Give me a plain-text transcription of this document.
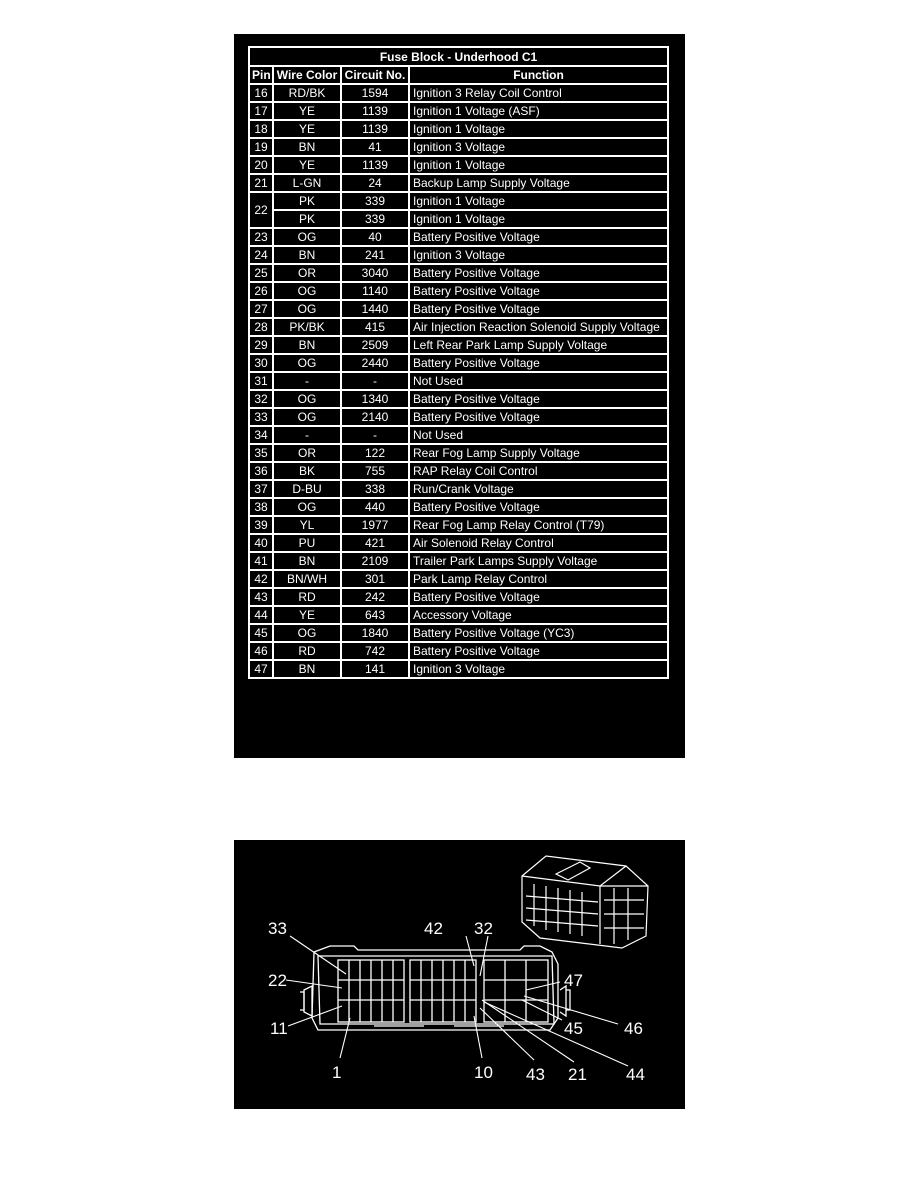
Fuse Block - Underhood C1			
Pin	Wire Color	Circuit No.	Function
16	RD/BK	1594	Ignition 3 Relay Coil Control
17	YE	1139	Ignition 1 Voltage (ASF)
18	YE	1139	Ignition 1 Voltage
19	BN	41	Ignition 3 Voltage
20	YE	1139	Ignition 1 Voltage
21	L-GN	24	Backup Lamp Supply Voltage
22	PK	339	Ignition 1 Voltage
	PK	339	Ignition 1 Voltage
23	OG	40	Battery Positive Voltage
24	BN	241	Ignition 3 Voltage
25	OR	3040	Battery Positive Voltage
26	OG	1140	Battery Positive Voltage
27	OG	1440	Battery Positive Voltage
28	PK/BK	415	Air Injection Reaction Solenoid Supply Voltage
29	BN	2509	Left Rear Park Lamp Supply Voltage
30	OG	2440	Battery Positive Voltage
31	-	-	Not Used
32	OG	1340	Battery Positive Voltage
33	OG	2140	Battery Positive Voltage
34	-	-	Not Used
35	OR	122	Rear Fog Lamp Supply Voltage
36	BK	755	RAP Relay Coil Control
37	D-BU	338	Run/Crank Voltage
38	OG	440	Battery Positive Voltage
39	YL	1977	Rear Fog Lamp Relay Control (T79)
40	PU	421	Air Solenoid Relay Control
41	BN	2109	Trailer Park Lamps Supply Voltage
42	BN/WH	301	Park Lamp Relay Control
43	RD	242	Battery Positive Voltage
44	YE	643	Accessory Voltage
45	OG	1840	Battery Positive Voltage (YC3)
46	RD	742	Battery Positive Voltage
47	BN	141	Ignition 3 Voltage
33	42 32
22	47
11	46
45
1	10 43 21 44
